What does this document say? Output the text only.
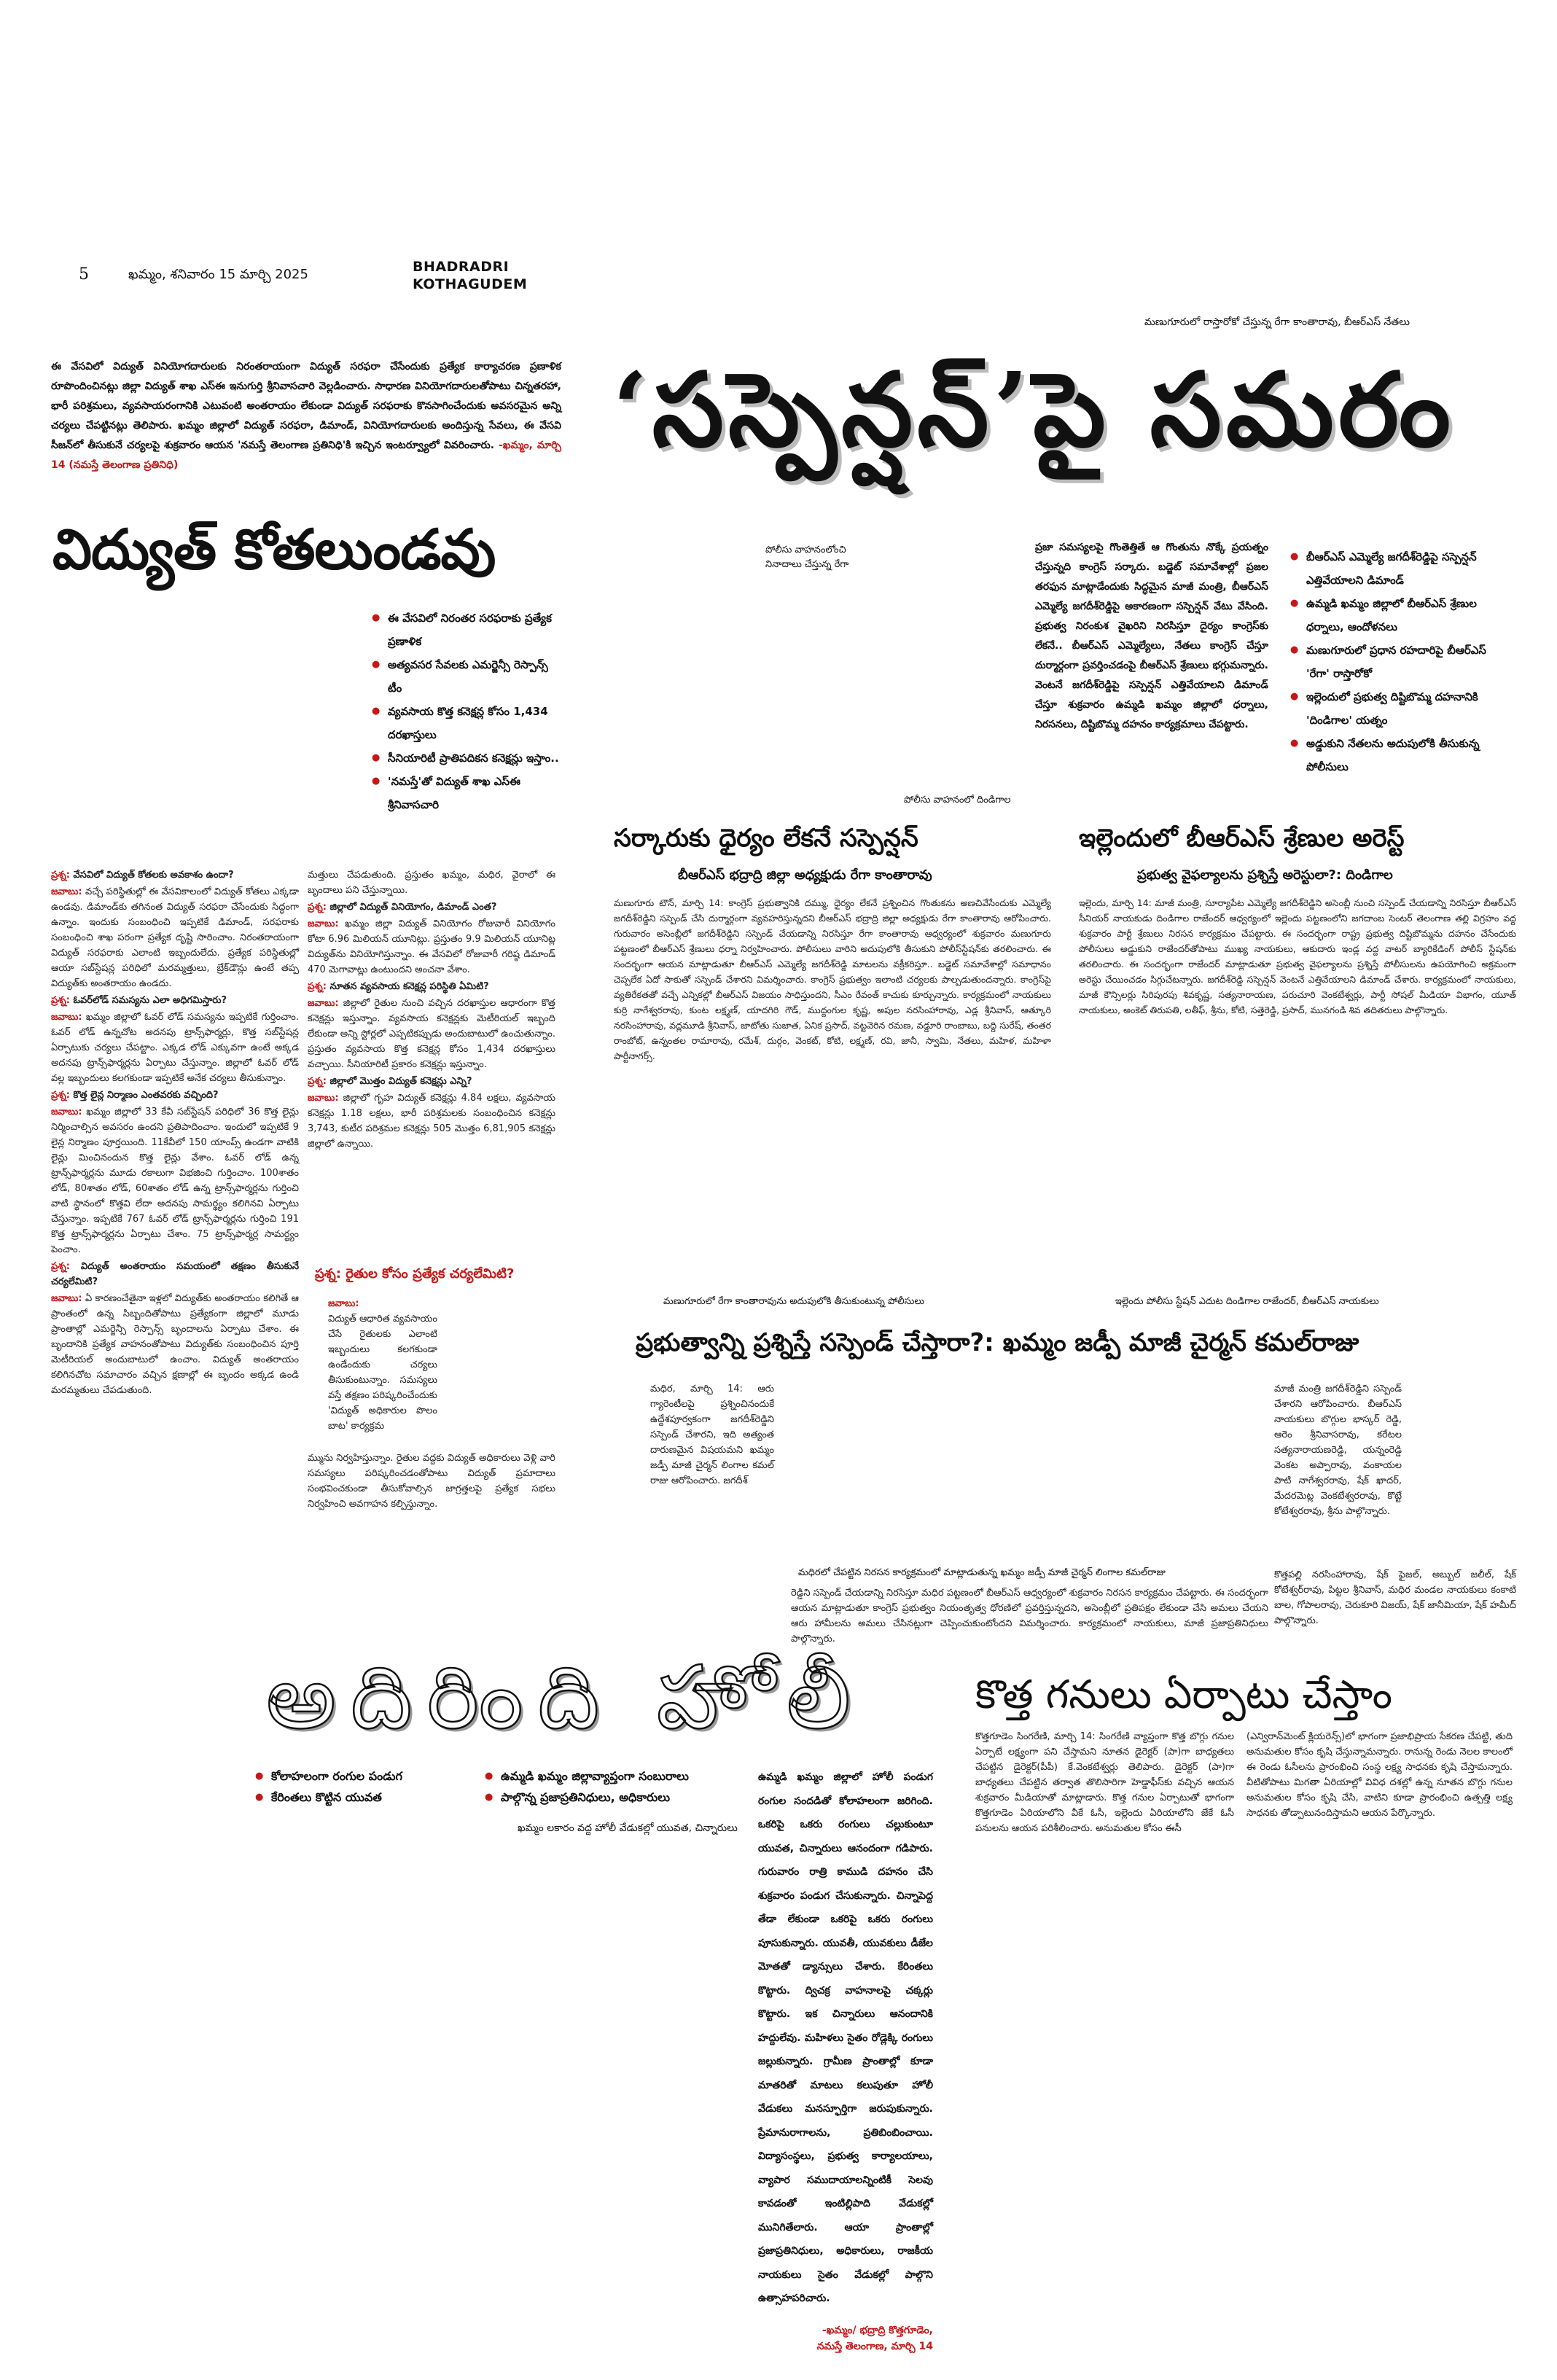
5	ఖమ్మం, శనివారం 15 మార్చి 2025	BHADRADRI
KOTHAGUDEM
ఈ వేసవిలో విద్యుత్ వినియోగదారులకు నిరంతరాయంగా విద్యుత్ సరఫరా చేసేందుకు ప్రత్యేక కార్యాచరణ ప్రణాళిక రూపొందించినట్లు జిల్లా విద్యుత్ శాఖ ఎస్ఈ ఇనుగుర్తి శ్రీనివాసచారి వెల్లడించారు. సాధారణ వినియోగదారులతోపాటు చిన్నతరహా, భారీ పరిశ్రమలు, వ్యవసాయరంగానికి ఎటువంటి అంతరాయం లేకుండా విద్యుత్ సరఫరాకు కొనసాగించేందుకు అవసరమైన అన్ని చర్యలు చేపట్టినట్లు తెలిపారు. ఖమ్మం జిల్లాలో విద్యుత్ సరఫరా, డిమాండ్, వినియోగదారులకు అందిస్తున్న సేవలు, ఈ వేసవి సీజన్‌లో తీసుకునే చర్యలపై శుక్రవారం ఆయన 'నమస్తే తెలంగాణ ప్రతినిధి'కి ఇచ్చిన ఇంటర్వ్యూలో వివరించారు. -ఖమ్మం, మార్చి 14 (నమస్తే తెలంగాణ ప్రతినిధి)
విద్యుత్ కోతలుండవు
● ఈ వేసవిలో నిరంతర సరఫరాకు ప్రత్యేక ప్రణాళిక
● అత్యవసర సేవలకు ఎమర్జెన్సీ రెస్పాన్స్ టీం
● వ్యవసాయ కొత్త కనెక్షన్ల కోసం 1,434 దరఖాస్తులు
● సీనియారిటీ ప్రాతిపదికన కనెక్షన్లు ఇస్తాం..
● 'నమస్తే'తో విద్యుత్ శాఖ ఎస్ఈ శ్రీనివాసచారి

ప్రశ్న: వేసవిలో విద్యుత్ కోతలకు అవకాశం ఉందా?

జవాబు: వచ్చే పరిస్థితుల్లో ఈ వేసవికాలంలో విద్యుత్ కోతలు ఎక్కడా ఉండవు. డిమాండ్‌కు తగినంత విద్యుత్ సరఫరా చేసేందుకు సిద్ధంగా ఉన్నాం. ఇందుకు సంబంధించి ఇప్పటికే డిమాండ్, సరఫరాకు సంబంధించి శాఖ పరంగా ప్రత్యేక దృష్టి సారించాం. నిరంతరాయంగా విద్యుత్ సరఫరాకు ఎలాంటి ఇబ్బందులేదు. ప్రత్యేక పరిస్థితుల్లో ఆయా సబ్‌స్టేషన్ల పరిధిలో మరమ్మత్తులు, బ్రేక్‌డౌన్లు ఉంటే తప్ప విద్యుత్‌కు అంతరాయం ఉండదు.

ప్రశ్న: ఓవర్‌లోడ్ సమస్యను ఎలా అధిగమిస్తారు?

జవాబు: ఖమ్మం జిల్లాలో ఓవర్ లోడ్ సమస్యను ఇప్పటికే గుర్తించాం. ఓవర్ లోడ్ ఉన్నచోట అదనపు ట్రాన్స్‌ఫార్మర్లు, కొత్త సబ్‌స్టేషన్ల ఏర్పాటుకు చర్యలు చేపట్టాం. ఎక్కడ లోడ్ ఎక్కువగా ఉంటే అక్కడ అదనపు ట్రాన్స్‌ఫార్మర్లను ఏర్పాటు చేస్తున్నాం. జిల్లాలో ఓవర్ లోడ్ వల్ల ఇబ్బందులు కలగకుండా ఇప్పటికే అనేక చర్యలు తీసుకున్నాం.

ప్రశ్న: కొత్త లైన్ల నిర్మాణం ఎంతవరకు వచ్చింది?

జవాబు: ఖమ్మం జిల్లాలో 33 కేవీ సబ్‌స్టేషన్ పరిధిలో 36 కొత్త లైన్లు నిర్మించాల్సిన అవసరం ఉందని ప్రతిపాదించాం. ఇందులో ఇప్పటికే 9 లైన్ల నిర్మాణం పూర్తయింది. 11కేవీలో 150 యాంప్స్ ఉండగా వాటికి లైన్లు మించినందున కొత్త లైన్లు వేశాం. ఓవర్ లోడ్ ఉన్న ట్రాన్స్‌ఫార్మర్లను మూడు రకాలుగా విభజించి గుర్తించాం. 100శాతం లోడ్, 80శాతం లోడ్, 60శాతం లోడ్ ఉన్న ట్రాన్స్‌ఫార్మర్లను గుర్తించి వాటి స్థానంలో కొత్తవి లేదా అదనపు సామర్థ్యం కలిగినవి ఏర్పాటు చేస్తున్నాం. ఇప్పటికే 767 ఓవర్ లోడ్ ట్రాన్స్‌ఫార్మర్లను గుర్తించి 191 కొత్త ట్రాన్స్‌ఫార్మర్లను ఏర్పాటు చేశాం. 75 ట్రాన్స్‌ఫార్మర్ల సామర్థ్యం పెంచాం.

ప్రశ్న: విద్యుత్ అంతరాయం సమయంలో తక్షణం తీసుకునే చర్యలేమిటి?

జవాబు: ఏ కారణంచేతైనా ఇళ్లలో విద్యుత్‌కు అంతరాయం కలిగితే ఆ ప్రాంతంలో ఉన్న సిబ్బందితోపాటు ప్రత్యేకంగా జిల్లాలో మూడు ప్రాంతాల్లో ఎమర్జెన్సీ రెస్పాన్స్ బృందాలను ఏర్పాటు చేశాం. ఈ బృందానికి ప్రత్యేక వాహనంతోపాటు విద్యుత్‌కు సంబంధించిన పూర్తి మెటీరియల్ అందుబాటులో ఉంచాం. విద్యుత్ అంతరాయం కలిగినచోట సమాచారం వచ్చిన క్షణాల్లో ఈ బృందం అక్కడ ఉండి మరమ్మతులు చేపడుతుంది.

మత్తులు చేపడుతుంది. ప్రస్తుతం ఖమ్మం, మధిర, వైరాలో ఈ బృందాలు పని చేస్తున్నాయి.

ప్రశ్న: జిల్లాలో విద్యుత్ వినియోగం, డిమాండ్ ఎంత?

జవాబు: ఖమ్మం జిల్లా విద్యుత్ వినియోగం రోజువారీ వినియోగం కోటా 6.96 మిలియన్ యూనిట్లు. ప్రస్తుతం 9.9 మిలియన్ యూనిట్ల విద్యుత్‌ను వినియోగిస్తున్నాం. ఈ వేసవిలో రోజువారీ గరిష్ఠ డిమాండ్ 470 మెగావాట్లు ఉంటుందని అంచనా వేశాం.

ప్రశ్న: నూతన వ్యవసాయ కనెక్షన్ల పరిస్థితి ఏమిటి?

జవాబు: జిల్లాలో రైతుల నుంచి వచ్చిన దరఖాస్తుల ఆధారంగా కొత్త కనెక్షన్లు ఇస్తున్నాం. వ్యవసాయ కనెక్షన్లకు మెటీరియల్ ఇబ్బంది లేకుండా అన్ని స్టోర్లలో ఎప్పటికప్పుడు అందుబాటులో ఉంచుతున్నాం. ప్రస్తుతం వ్యవసాయ కొత్త కనెక్షన్ల కోసం 1,434 దరఖాస్తులు వచ్చాయి. సీనియారిటీ ప్రకారం కనెక్షన్లు ఇస్తున్నాం.

ప్రశ్న: జిల్లాలో మొత్తం విద్యుత్ కనెక్షన్లు ఎన్ని?

జవాబు: జిల్లాలో గృహ విద్యుత్ కనెక్షన్లు 4.84 లక్షలు, వ్యవసాయ కనెక్షన్లు 1.18 లక్షలు, భారీ పరిశ్రమలకు సంబంధించిన కనెక్షన్లు 3,743, కుటీర పరిశ్రమల కనెక్షన్లు 505 మొత్తం 6,81,905 కనెక్షన్లు జిల్లాలో ఉన్నాయి.

ప్రశ్న: రైతుల కోసం ప్రత్యేక చర్యలేమిటి?
జవాబు:
విద్యుత్ ఆధారిత వ్యవసాయం చేసే రైతులకు ఎలాంటి ఇబ్బందులు కలగకుండా ఉండేందుకు చర్యలు తీసుకుంటున్నాం. సమస్యలు వస్తే తక్షణం పరిష్కరించేందుకు 'విద్యుత్ అధికారుల పొలం బాట' కార్యక్రమ
మ్మును నిర్వహిస్తున్నాం. రైతుల వద్దకు విద్యుత్ అధికారులు వెళ్లి వారి సమస్యలు పరిష్కరించడంతోపాటు విద్యుత్ ప్రమాదాలు సంభవించకుండా తీసుకోవాల్సిన జాగ్రత్తలపై ప్రత్యేక సభలు నిర్వహించి అవగాహన కల్పిస్తున్నాం.
మణుగూరులో రాస్తారోకో చేస్తున్న రేగా కాంతారావు, బీఆర్ఎస్ నేతలు
‘సస్పెన్షన్’పై సమరం
పోలీసు వాహనంలోంచి నినాదాలు చేస్తున్న రేగా
ప్రజా సమస్యలపై గొంతెత్తితే ఆ గొంతును నొక్కే ప్రయత్నం చేస్తున్నది కాంగ్రెస్ సర్కారు. బడ్జెట్ సమావేశాల్లో ప్రజల తరఫున మాట్లాడేందుకు సిద్ధమైన మాజీ మంత్రి, బీఆర్ఎస్ ఎమ్మెల్యే జగదీశ్‌రెడ్డిపై అకారణంగా సస్పెన్షన్ వేటు వేసింది. ప్రభుత్వ నిరంకుశ వైఖరిని నిరసిస్తూ దైర్యం కాంగ్రెస్‌కు లేకనే.. బీఆర్ఎస్ ఎమ్మెల్యేలు, నేతలు కాంగ్రెస్ చేస్తూ దుర్మార్గంగా ప్రవర్తించడంపై బీఆర్ఎస్ శ్రేణులు భగ్గుమన్నారు. వెంటనే జగదీశ్‌రెడ్డిపై సస్పెన్షన్ ఎత్తివేయాలని డిమాండ్ చేస్తూ శుక్రవారం ఉమ్మడి ఖమ్మం జిల్లాలో ధర్నాలు, నిరసనలు, దిష్టిబొమ్మ దహనం కార్యక్రమాలు చేపట్టారు.
● బీఆర్ఎస్ ఎమ్మెల్యే జగదీశ్‌రెడ్డిపై సస్పెన్షన్ ఎత్తివేయాలని డిమాండ్
● ఉమ్మడి ఖమ్మం జిల్లాలో బీఆర్ఎస్ శ్రేణుల ధర్నాలు, ఆందోళనలు
● మణుగూరులో ప్రధాన రహదారిపై బీఆర్ఎస్ 'రేగా' రాస్తారోకో
● ఇల్లెందులో ప్రభుత్వ దిష్టిబొమ్మ దహనానికి 'దిండిగాల' యత్నం
● అడ్డుకుని నేతలను అదుపులోకి తీసుకున్న పోలీసులు
పోలీసు వాహనంలో దిండిగాల
సర్కారుకు ధైర్యం లేకనే సస్పెన్షన్
బీఆర్ఎస్ భద్రాద్రి జిల్లా అధ్యక్షుడు రేగా కాంతారావు
మణుగూరు టౌన్, మార్చి 14: కాంగ్రెస్ ప్రభుత్వానికి దమ్ము, ధైర్యం లేకనే ప్రశ్నించిన గొంతుకను అణచివేసేందుకు ఎమ్మెల్యే జగదీశ్‌రెడ్డిని సస్పెండ్ చేసి దుర్మార్గంగా వ్యవహరిస్తున్నదని బీఆర్ఎస్ భద్రాద్రి జిల్లా అధ్యక్షుడు రేగా కాంతారావు ఆరోపించారు. గురువారం అసెంబ్లీలో జగదీశ్‌రెడ్డిని సస్పెండ్ చేయడాన్ని నిరసిస్తూ రేగా కాంతారావు ఆధ్వర్యంలో శుక్రవారం మణుగూరు పట్టణంలో బీఆర్ఎస్ శ్రేణులు ధర్నా నిర్వహించారు. పోలీసులు వారిని అదుపులోకి తీసుకుని పోలీస్‌స్టేషన్‌కు తరలించారు. ఈ సందర్భంగా ఆయన మాట్లాడుతూ బీఆర్ఎస్ ఎమ్మెల్యే జగదీశ్‌రెడ్డి మాటలను వక్రీకరిస్తూ.. బడ్జెట్ సమావేశాల్లో సమాధానం చెప్పలేక ఏదో సాకుతో సస్పెండ్ చేశారని విమర్శించారు. కాంగ్రెస్ ప్రభుత్వం ఇలాంటి చర్యలకు పాల్పడుతుందన్నారు. కాంగ్రెస్‌పై వ్యతిరేకతతో వచ్చే ఎన్నికల్లో బీఆర్ఎస్ విజయం సాధిస్తుందని, సీఎం రేవంత్ కాచుకు కూర్చున్నారు. కార్యక్రమంలో నాయకులు కుర్రి నాగేశ్వరరావు, కుంట లక్ష్మణ్, యాదగిరి గౌడ్, ముద్దంగుల కృష్ణ, అపుల నరసింహారావు, ఎడ్ల శ్రీనివాస్, ఆత్కూరి నరసింహారావు, వద్లమూడి శ్రీనివాస్, జాటోతు సుజాత, ఏనిక ప్రసాద్, వట్టవెరిన రమణ, వడ్డూరి రాంబాబు, బద్ది సురేష్, తంతర రాంబోట్, ఉన్నంతల రామారావు, రమేశ్, దుర్గం, వెంకట్, కోటి, లక్ష్మణ్, రవి, జానీ, స్వామి, నేతలు, మహిళ, మహిళా పార్టీనాగర్స్.
ఇల్లెందులో బీఆర్ఎస్ శ్రేణుల అరెస్ట్
ప్రభుత్వ వైఫల్యాలను ప్రశ్నిస్తే అరెస్టులా?: దిండిగాల
ఇల్లెందు, మార్చి 14: మాజీ మంత్రి, సూర్యాపేట ఎమ్మెల్యే జగదీశ్‌రెడ్డిని అసెంబ్లీ నుంచి సస్పెండ్ చేయడాన్ని నిరసిస్తూ బీఆర్ఎస్ సీనియర్ నాయకుడు దిండిగాల రాజేందర్ ఆధ్వర్యంలో ఇల్లెందు పట్టణంలోని జగదాంబ సెంటర్ తెలంగాణ తల్లి విగ్రహం వద్ద శుక్రవారం పార్టీ శ్రేణులు నిరసన కార్యక్రమం చేపట్టారు. ఈ సందర్భంగా రాష్ట్ర ప్రభుత్వ దిష్టిబొమ్మను దహనం చేసేందుకు పోలీసులు అడ్డుకుని రాజేందర్‌తోపాటు ముఖ్య నాయకులు, ఆకుదారు ఇండ్ల వద్ద వాటర్ బ్యారికేడింగ్ పోలీస్ స్టేషన్‌కు తరలించారు. ఈ సందర్భంగా రాజేందర్ మాట్లాడుతూ ప్రభుత్వ వైఫల్యాలను ప్రశ్నిస్తే పోలీసులను ఉపయోగించి అక్రమంగా అరెస్టు చేయించడం సిగ్గుచేటన్నారు. జగదీశ్‌రెడ్డి సస్పెన్షన్ వెంటనే ఎత్తివేయాలని డిమాండ్ చేశారు. కార్యక్రమంలో నాయకులు, మాజీ కౌన్సిలర్లు సిరిపురపు శివకృష్ణ, సత్యనారాయణ, పరుచూరి వెంకటేశ్వర్లు, పార్టీ సోషల్ మీడియా విభాగం, యూత్ నాయకులు, అంకెట్ తిరుపతి, లతీఫ్, శ్రీను, కోటి, సత్తెరెడ్డి, ప్రసాద్, మునగండి శివ తదితరులు పాల్గొన్నారు.
మణుగూరులో రేగా కాంతారావును అదుపులోకి తీసుకుంటున్న పోలీసులు	ఇల్లెందు పోలీసు స్టేషన్ ఎదుట దిండిగాల రాజేందర్, బీఆర్ఎస్ నాయకులు
ప్రభుత్వాన్ని ప్రశ్నిస్తే సస్పెండ్ చేస్తారా?: ఖమ్మం జడ్పీ మాజీ చైర్మన్ కమల్‌రాజు
మధిర, మార్చి 14: ఆరు గ్యారెంటీలపై ప్రశ్నించినందుకే ఉద్దేశపూర్వకంగా జగదీశ్‌రెడ్డిని సస్పెండ్ చేశారని, ఇది అత్యంత దారుణమైన విషయమని ఖమ్మం జడ్పీ మాజీ చైర్మన్ లింగాల కమల్ రాజు ఆరోపించారు. జగదీశ్
మధిరలో చేపట్టిన నిరసన కార్యక్రమంలో మాట్లాడుతున్న ఖమ్మం జడ్పీ మాజీ చైర్మన్ లింగాల కమల్‌రాజు
మాజీ మంత్రి జగదీశ్‌రెడ్డిని సస్పెండ్ చేశారని ఆరోపించారు. బీఆర్ఎస్ నాయకులు బొగ్గుల భాస్కర్ రెడ్డి, ఆరెం శ్రీనివాసరావు, కరేటల సత్యనారాయణరెడ్డి, యన్నంరెడ్డి వెంకట అప్పారావు, వంకాయల పాటి నాగేశ్వరరావు, షేక్ ఖాదర్, మేదరమెట్ల వెంకటేశ్వరరావు, కొట్టే కోటేశ్వరరావు, శ్రీను పాల్గొన్నారు.
రెడ్డిని సస్పెండ్ చేయడాన్ని నిరసిస్తూ మధిర పట్టణంలో బీఆర్ఎస్ ఆధ్వర్యంలో శుక్రవారం నిరసన కార్యక్రమం చేపట్టారు. ఈ సందర్భంగా ఆయన మాట్లాడుతూ కాంగ్రెస్ ప్రభుత్వం నియంతృత్వ ధోరణిలో ప్రవర్తిస్తున్నదని, అసెంబ్లీలో ప్రతిపక్షం లేకుండా చేసి అమలు చేయని ఆరు హామీలను అమలు చేసినట్లుగా చెప్పించుకుంటోందని విమర్శించారు. కార్యక్రమంలో నాయకులు, మాజీ ప్రజాప్రతినిధులు పాల్గొన్నారు.
కొత్తపల్లి నరసింహారావు, షేక్ ఫైజల్, అబ్బుల్ జలీల్, షేక్ కోటేశ్వర్‌రావు, పిట్టల శ్రీనివాస్, మధిర మండల నాయకులు కంకాటి బాల, గోపాలరావు, చెరుకూరి విజయ్, షేక్ జానీమియా, షేక్ హమీద్ పాల్గొన్నారు.
అదిరింది హోలీ
● కోలాహలంగా రంగుల పండుగ
● కేరింతలు కొట్టిన యువత
● ఉమ్మడి ఖమ్మం జిల్లావ్యాప్తంగా సంబురాలు
● పాల్గొన్న ప్రజాప్రతినిధులు, అధికారులు
ఖమ్మం లకారం వద్ద హోలీ వేడుకల్లో యువత, చిన్నారులు
ఉమ్మడి ఖమ్మం జిల్లాలో హోలీ పండుగ రంగుల సందడితో కోలాహలంగా జరిగింది. ఒకరిపై ఒకరు రంగులు చల్లుకుంటూ యువత, చిన్నారులు ఆనందంగా గడిపారు. గురువారం రాత్రి కాముడి దహనం చేసి శుక్రవారం పండుగ చేసుకున్నారు. చిన్నాపెద్ద తేడా లేకుండా ఒకరిపై ఒకరు రంగులు పూసుకున్నారు. యువతీ, యువకులు డీజేల మోతతో డ్యాన్సులు చేశారు. కేరింతలు కొట్టారు. ద్విచక్ర వాహనాలపై చక్కర్లు కొట్టారు. ఇక చిన్నారులు ఆనందానికి హద్దులేవు. మహిళలు సైతం రోడ్లెక్కి రంగులు జల్లుకున్నారు. గ్రామీణ ప్రాంతాల్లో కూడా మాతరితో మాటలు కలుపుతూ హోలీ వేడుకలు మనస్ఫూర్తిగా జరుపుకున్నారు. ప్రేమానురాగాలను, ప్రతిబింబించాయి. విద్యాసంస్థలు, ప్రభుత్వ కార్యాలయాలు, వ్యాపార సముదాయాలన్నింటికీ సెలవు కావడంతో ఇంటిల్లిపాది వేడుకల్లో మునిగితేలారు. ఆయా ప్రాంతాల్లో ప్రజాప్రతినిధులు, అధికారులు, రాజకీయ నాయకులు సైతం వేడుకల్లో పాల్గొని ఉత్సాహపరిచారు.
-ఖమ్మం/ భద్రాద్రి కొత్తగూడెం,
నమస్తే తెలంగాణ, మార్చి 14
కొత్త గనులు ఏర్పాటు చేస్తాం
కొత్తగూడెం సింగరేణి, మార్చి 14: సింగరేణి వ్యాప్తంగా కొత్త బొగ్గు గనుల ఏర్పాటే లక్ష్యంగా పని చేస్తామని నూతన డైరెక్టర్ (పా)గా బాధ్యతలు చేపట్టిన డైరెక్టర్(పీపీ) కే.వెంకటేశ్వర్లు తెలిపారు. డైరెక్టర్ (పా)గా బాధ్యతలు చేపట్టిన తర్వాత తొలిసారిగా హెడ్డాఫీస్‌కు వచ్చిన ఆయన శుక్రవారం మీడియాతో మాట్లాడారు. కొత్త గనుల ఏర్పాటుతో భాగంగా కొత్తగూడెం ఏరియాలోని వీకే ఓసీ, ఇల్లెందు ఏరియాలోని జేకే ఓసీ పనులను ఆయన పరిశీలించారు. అనుమతుల కోసం ఈసీ
(ఎన్విరాన్‌మెంట్ క్లియరెన్స్)లో భాగంగా ప్రజాభిప్రాయ సేకరణ చేపట్టి, తుది అనుమతుల కోసం కృషి చేస్తున్నామన్నారు. రానున్న రెండు నెలల కాలంలో ఈ రెండు ఓసీలను ప్రారంభించి సంస్థ లక్ష్య సాధనకు కృషి చేస్తామన్నారు. వీటితోపాటు మిగతా ఏరియాల్లో వివిధ దశల్లో ఉన్న నూతన బొగ్గు గనుల అనుమతుల కోసం కృషి చేసి, వాటిని కూడా ప్రారంభించి ఉత్పత్తి లక్ష్య సాధనకు తోడ్పాటునందిస్తామని ఆయన పేర్కొన్నారు.
